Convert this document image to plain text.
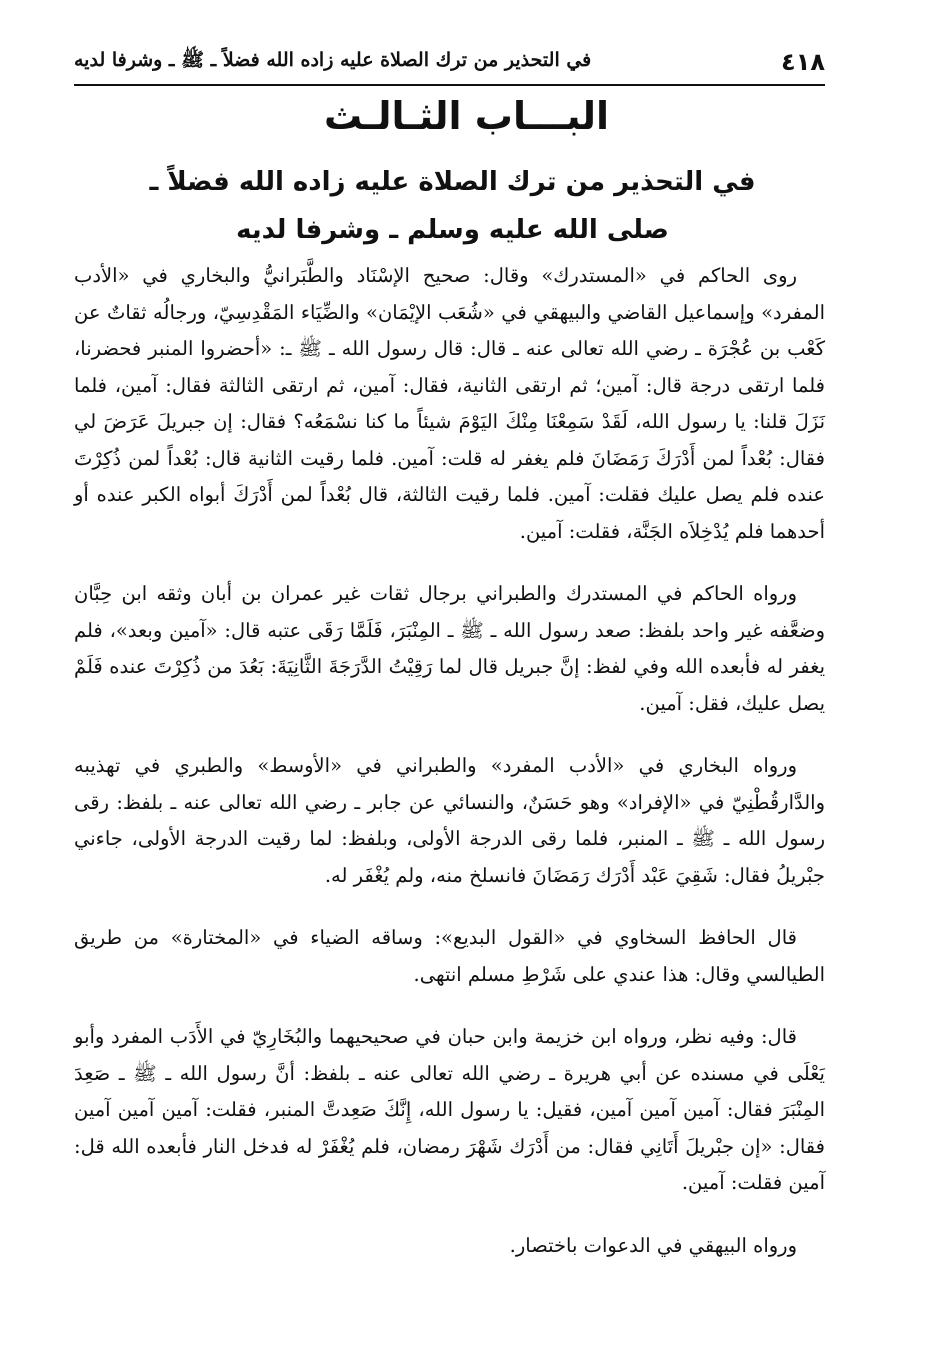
٤١٨
في التحذير من ترك الصلاة عليه زاده الله فضلاً ـ ﷺ ـ وشرفا لديه
البـــاب الثـالـث
في التحذير من ترك الصلاة عليه زاده الله فضلاً ـ صلى الله عليه وسلم ـ وشرفا لديه

روى الحاكم في «المستدرك» وقال: صحيح الإسْنَاد والطَّبَرانيُّ والبخاري في «الأدب المفرد» وإسماعيل القاضي والبيهقي في «شُعَب الإيْمَان» والضِّيَاء المَقْدِسِيّ، ورجالُه ثقاتٌ عن كَعْب بن عُجْرَة ـ رضي الله تعالى عنه ـ قال: قال رسول الله ـ ﷺ ـ: «أحضروا المنبر فحضرنا، فلما ارتقى درجة قال: آمين؛ ثم ارتقى الثانية، فقال: آمين، ثم ارتقى الثالثة فقال: آمين، فلما نَزَلَ قلنا: يا رسول الله، لَقَدْ سَمِعْنَا مِنْكَ اليَوْمَ شيئاً ما كنا نسْمَعُه؟ فقال: إن جبريلَ عَرَضَ لي فقال: بُعْداً لمن أَدْرَكَ رَمَضَانَ فلم يغفر له قلت: آمين. فلما رقيت الثانية قال: بُعْداً لمن ذُكِرْتَ عنده فلم يصل عليك فقلت: آمين. فلما رقيت الثالثة، قال بُعْداً لمن أَدْرَكَ أبواه الكبر عنده أو أحدهما فلم يُدْخِلاَه الجَنَّة، فقلت: آمين.

ورواه الحاكم في المستدرك والطبراني برجال ثقات غير عمران بن أبان وثقه ابن حِبَّان وضعَّفه غير واحد بلفظ: صعد رسول الله ـ ﷺ ـ المِنْبَرَ، فَلَمَّا رَقَى عتبه قال: «آمين وبعد»، فلم يغفر له فأبعده الله وفي لفظ: إنَّ جبريل قال لما رَقِيْتُ الدَّرَجَةَ الثَّانِيَةَ: بَعُدَ من ذُكِرْتَ عنده فَلَمْ يصل عليك، فقل: آمين.

ورواه البخاري في «الأدب المفرد» والطبراني في «الأوسط» والطبري في تهذيبه والدَّارقُطْنِيّ في «الإفراد» وهو حَسَنٌ، والنسائي عن جابر ـ رضي الله تعالى عنه ـ بلفظ: رقى رسول الله ـ ﷺ ـ المنبر، فلما رقى الدرجة الأولى، وبلفظ: لما رقيت الدرجة الأولى، جاءني جبْريلُ فقال: شَقِيَ عَبْد أَدْرَك رَمَضَانَ فانسلخ منه، ولم يُغْفَر له.

قال الحافظ السخاوي في «القول البديع»: وساقه الضياء في «المختارة» من طريق الطيالسي وقال: هذا عندي على شَرْطِ مسلم انتهى.

قال: وفيه نظر، ورواه ابن خزيمة وابن حبان في صحيحيهما والبُخَارِيّ في الأَدَب المفرد وأبو يَعْلَى في مسنده عن أبي هريرة ـ رضي الله تعالى عنه ـ بلفظ: أنَّ رسول الله ـ ﷺ ـ صَعِدَ المِنْبَرَ فقال: آمين آمين آمين، فقيل: يا رسول الله، إِنَّكَ صَعِدتَّ المنبر، فقلت: آمين آمين آمين فقال: «إن جبْريلَ أَتَانِي فقال: من أَدْرَك شَهْرَ رمضان، فلم يُغْفَرْ له فدخل النار فأبعده الله قل: آمين فقلت: آمين.

ورواه البيهقي في الدعوات باختصار.
